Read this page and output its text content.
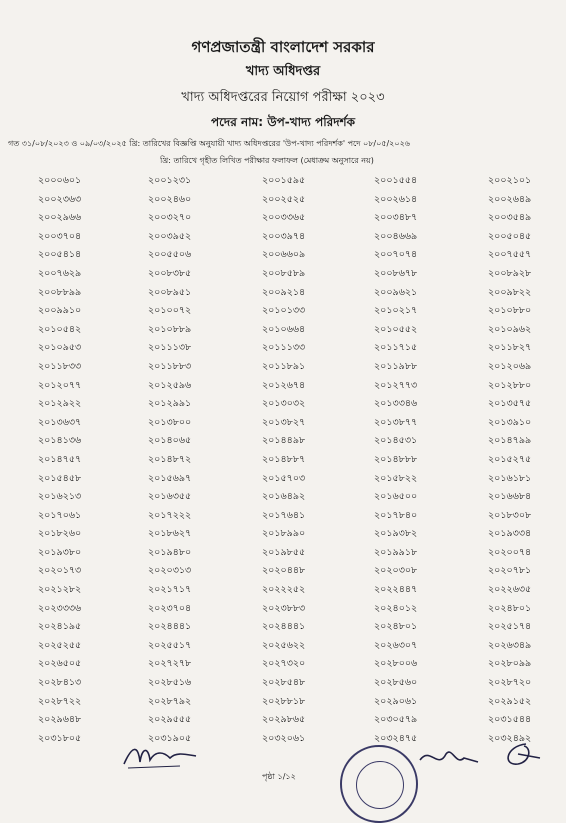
গণপ্রজাতন্ত্রী বাংলাদেশ সরকার
খাদ্য অধিদপ্তর
খাদ্য অধিদপ্তরের নিয়োগ পরীক্ষা ২০২৩
পদের নাম: উপ-খাদ্য পরিদর্শক
গত ৩১/০৮/২০২৩ ও ০৯/০৩/২০২৫ খ্রি: তারিখের বিজ্ঞপ্তি অনুযায়ী খাদ্য অধিদপ্তরের 'উপ-খাদ্য পরিদর্শক' পদে ০৮/০৫/২০২৬
খ্রি: তারিখে গৃহীত লিখিত পরীক্ষার ফলাফল (মেধাক্রম অনুসারে নয়)
২০০০৬০১	২০০১২৩১	২০০১৫৯৫	২০০১৫৫৪	২০০২১০১
২০০২৩৬৩	২০০২৪৬০	২০০২৫২৫	২০০২৬১৪	২০০২৬৪৯
২০০২৯৬৬	২০০৩২৭০	২০০৩৩৬৫	২০০৩৪৮৭	২০০৩৫৪৯
২০০৩৭০৪	২০০৩৯৫২	২০০৩৯৭৪	২০০৪৬৬৯	২০০৫০৪৫
২০০৫৪১৪	২০০৫৫০৬	২০০৬৬০৯	২০০৭০৭৪	২০০৭৫৫৭
২০০৭৬২৯	২০০৮৩৮৫	২০০৮৫৮৯	২০০৮৬৭৮	২০০৮৯২৮
২০০৮৮৯৯	২০০৮৯৫১	২০০৯২১৪	২০০৯৬২১	২০০৯৮২২
২০০৯৯১০	২০১০০৭২	২০১০১৩৩	২০১০২১৭	২০১০৮৮০
২০১০৫৪২	২০১০৮৮৯	২০১০৬৬৪	২০১০৫৫২	২০১০৯৬২
২০১০৯৫৩	২০১১১৩৮	২০১১১৩৩	২০১১৭১৫	২০১১৮২৭
২০১১৮৩৩	২০১১৮৮৩	২০১১৮৯১	২০১১৯৮৮	২০১২০৬৯
২০১২০৭৭	২০১২৫৯৬	২০১২৬৭৪	২০১২৭৭৩	২০১২৮৮০
২০১২৯২২	২০১২৯৯১	২০১৩০৩২	২০১৩৩৪৬	২০১৩৫৭৫
২০১৩৬৩৭	২০১৩৮০০	২০১৩৮২৭	২০১৩৮৭৭	২০১৩৯১০
২০১৪১৩৬	২০১৪০৬৫	২০১৪৪৯৮	২০১৪৫৩১	২০১৪৭৯৯
২০১৪৭৫৭	২০১৪৮৭২	২০১৪৮৮৭	২০১৪৮৮৮	২০১৫২৭৫
২০১৫৪৫৮	২০১৫৬৯৭	২০১৫৭০৩	২০১৫৮২২	২০১৬১৮১
২০১৬২১৩	২০১৬৩৫৫	২০১৬৪৯২	২০১৬৫০০	২০১৬৬৮৪
২০১৭০৬১	২০১৭২২২	২০১৭৬৪১	২০১৭৮৪০	২০১৮৩০৮
২০১৮২৬০	২০১৮৬২৭	২০১৮৯৯০	২০১৯৩৮২	২০১৯৩৩৪
২০১৯৩৮০	২০১৯৪৮০	২০১৯৮৫৫	২০১৯৯১৮	২০২০০৭৪
২০২০১৭৩	২০২০৩১৩	২০২০৪৪৮	২০২০৩০৮	২০২০৭৮১
২০২১২৮২	২০২১৭১৭	২০২২২৫২	২০২২৪৪৭	২০২২৬৩৫
২০২৩৩৩৬	২০২৩৭০৪	২০২৩৮৮৩	২০২৪০১২	২০২৪৮০১
২০২৪১৯৫	২০২৪৪৪১	২০২৪৪৪১	২০২৪৮০১	২০২৫১৭৪
২০২৫২৫৫	২০২৫৫১৭	২০২৫৬২২	২০২৬৩০৭	২০২৬৩৪৯
২০২৬৫০৫	২০২৭২৭৮	২০২৭৩২০	২০২৮০০৬	২০২৮০৯৯
২০২৮৪১৩	২০২৮৫১৬	২০২৮৫৪৮	২০২৮৫৬০	২০২৮৭২০
২০২৮৭২২	২০২৮৭৯২	২০২৮৮১৮	২০২৯০৬১	২০২৯১৫২
২০২৯৬৪৮	২০২৯৫৫৫	২০২৯৮৬৫	২০৩০৫৭৯	২০৩১৫৪৪
২০৩১৮০৫	২০৩১৯০৫	২০৩২০৬১	২০৩২৪৭৫	২০৩২৪৯২
পৃষ্ঠা ১/১২
